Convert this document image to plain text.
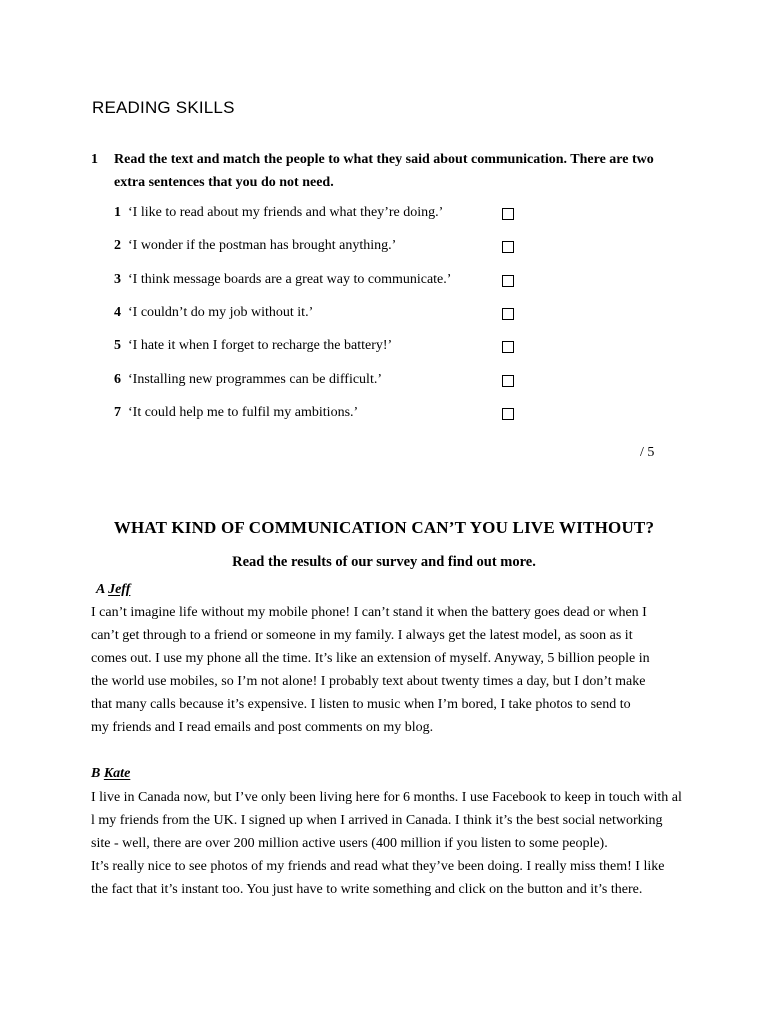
READING SKILLS
1 Read the text and match the people to what they said about communication. There are two
extra sentences that you do not need.
1 ‘I like to read about my friends and what they’re doing.’
2 ‘I wonder if the postman has brought anything.’
3 ‘I think message boards are a great way to communicate.’
4 ‘I couldn’t do my job without it.’
5 ‘I hate it when I forget to recharge the battery!’
6 ‘Installing new programmes can be difficult.’
7 ‘It could help me to fulfil my ambitions.’
/ 5
WHAT KIND OF COMMUNICATION CAN’T YOU LIVE WITHOUT?
Read the results of our survey and find out more.
A Jeff
I can’t imagine life without my mobile phone! I can’t stand it when the battery goes dead or when I
can’t get through to a friend or someone in my family. I always get the latest model, as soon as it
comes out. I use my phone all the time. It’s like an extension of myself. Anyway, 5 billion people in
the world use mobiles, so I’m not alone! I probably text about twenty times a day, but I don’t make
that many calls because it’s expensive. I listen to music when I’m bored, I take photos to send to
my friends and I read emails and post comments on my blog.
B Kate
I live in Canada now, but I’ve only been living here for 6 months. I use Facebook to keep in touch with al
l my friends from the UK. I signed up when I arrived in Canada. I think it’s the best social networking
site - well, there are over 200 million active users (400 million if you listen to some people).
It’s really nice to see photos of my friends and read what they’ve been doing. I really miss them! I like
the fact that it’s instant too. You just have to write something and click on the button and it’s there.
